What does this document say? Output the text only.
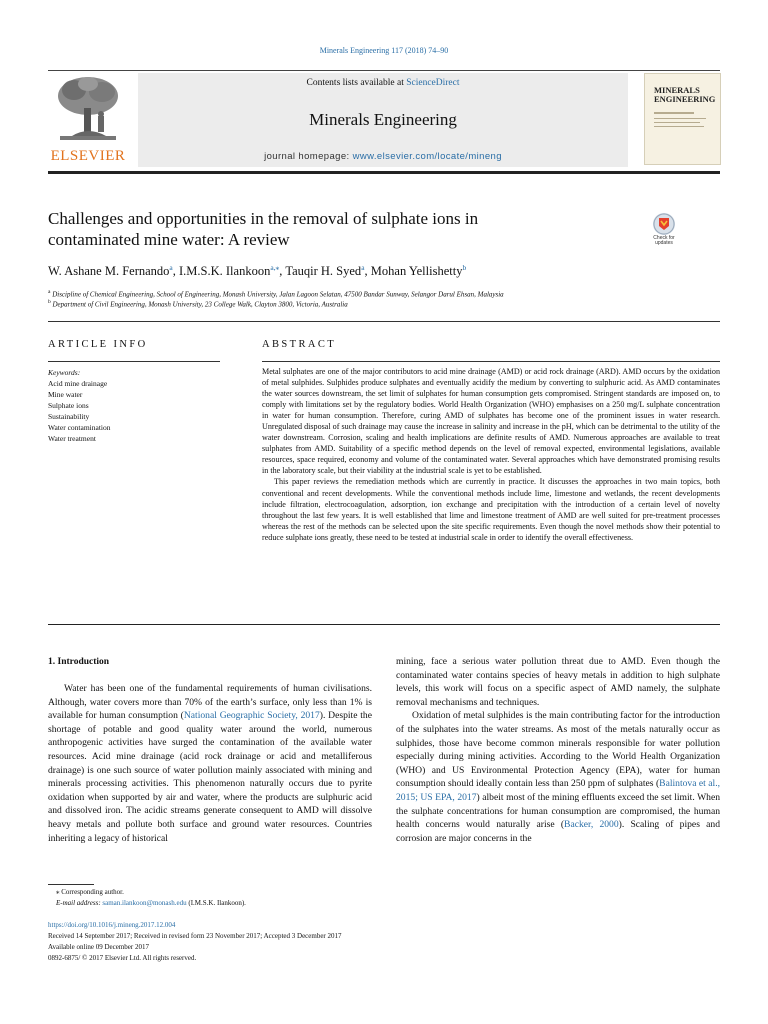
Minerals Engineering 117 (2018) 74–90
ELSEVIER
Contents lists available at ScienceDirect
Minerals Engineering
journal homepage: www.elsevier.com/locate/mineng
MINERALS
ENGINEERING
Challenges and opportunities in the removal of sulphate ions in
contaminated mine water: A review	Check for
updates
W. Ashane M. Fernando$^a$, I.M.S.K. Ilankoon$^{a,⁎}$, Tauqir H. Syed$^a$, Mohan Yellishetty$^b$
$^a$ Discipline of Chemical Engineering, School of Engineering, Monash University, Jalan Lagoon Selatan, 47500 Bandar Sunway, Selangor Darul Ehsan, Malaysia
$^b$ Department of Civil Engineering, Monash University, 23 College Walk, Clayton 3800, Victoria, Australia
ARTICLE INFO	ABSTRACT
Keywords:
Acid mine drainage
Mine water
Sulphate ions
Sustainability
Water contamination
Water treatment

Metal sulphates are one of the major contributors to acid mine drainage (AMD) or acid rock drainage (ARD). AMD occurs by the oxidation of metal sulphides. Sulphides produce sulphates and eventually acidify the medium by converting to sulphuric acid. As AMD contaminates the water sources downstream, the set limit of sulphates for human consumption gets compromised. Stringent standards are imposed on, to comply with limitations set by the regulatory bodies. World Health Organization (WHO) emphasises on a 250 mg/L sulphate concentration in water for human consumption. Therefore, curing AMD of sulphates has become one of the prominent issues in water research. Unregulated disposal of such drainage may cause the increase in salinity and increase in the pH, which can be detrimental to the utility of the water downstream. Corrosion, scaling and health implications are definite results of AMD. Numerous approaches are available to treat sulphates from AMD. Suitability of a specific method depends on the level of removal expected, environmental legislations, available resources, space required, economy and volume of the contaminated water. Several approaches which have demonstrated promising results in the laboratory scale, but their viability at the industrial scale is yet to be established.

This paper reviews the remediation methods which are currently in practice. It discusses the approaches in two main topics, both conventional and recent developments. While the conventional methods include lime, limestone and wetlands, the recent developments include filtration, electrocoagulation, adsorption, ion exchange and precipitation with the introduction of a certain level of novelty throughout the last few years. It is well established that lime and limestone treatment of AMD are well suited for pre-treatment processes whereas the rest of the methods can be selected upon the site specific requirements. Even though the novel methods show their potential to reduce sulphate ions greatly, these need to be tested at industrial scale in order to identify the overall effectiveness.

1. Introduction

Water has been one of the fundamental requirements of human civilisations. Although, water covers more than 70% of the earth’s surface, only less than 1% is available for human consumption (National Geographic Society, 2017). Despite the shortage of potable and good quality water around the world, numerous anthropogenic activities have surged the contamination of the available water resources. Acid mine drainage (acid rock drainage or acid and metalliferous drainage) is one such source of water pollution mainly associated with mining and minerals processing activities. This phenomenon naturally occurs due to pyrite oxidation when supported by air and water, where the products are sulphuric acid and dissolved iron. The acidic streams generate consequent to AMD will dissolve heavy metals and pollute both surface and ground water resources. Countries inheriting a legacy of historical

mining, face a serious water pollution threat due to AMD. Even though the contaminated water contains species of heavy metals in addition to high sulphate levels, this work will focus on a specific aspect of AMD namely, the sulphate removal mechanisms and techniques.

Oxidation of metal sulphides is the main contributing factor for the introduction of the sulphates into the water streams. As most of the metals naturally occur as sulphides, those have become common minerals responsible for water pollution especially during mining activities. According to the World Health Organization (WHO) and US Environmental Protection Agency (EPA), water for human consumption should ideally contain less than 250 ppm of sulphates (Balintova et al., 2015; US EPA, 2017) albeit most of the mining effluents exceed the set limit. When the sulphate concentrations for human consumption are compromised, the human health concerns would naturally arise (Backer, 2000). Scaling of pipes and corrosion are major concerns in the

⁎ Corresponding author.
E-mail address: saman.ilankoon@monash.edu (I.M.S.K. Ilankoon).
https://doi.org/10.1016/j.mineng.2017.12.004
Received 14 September 2017; Received in revised form 23 November 2017; Accepted 3 December 2017
Available online 09 December 2017
0892-6875/ © 2017 Elsevier Ltd. All rights reserved.
